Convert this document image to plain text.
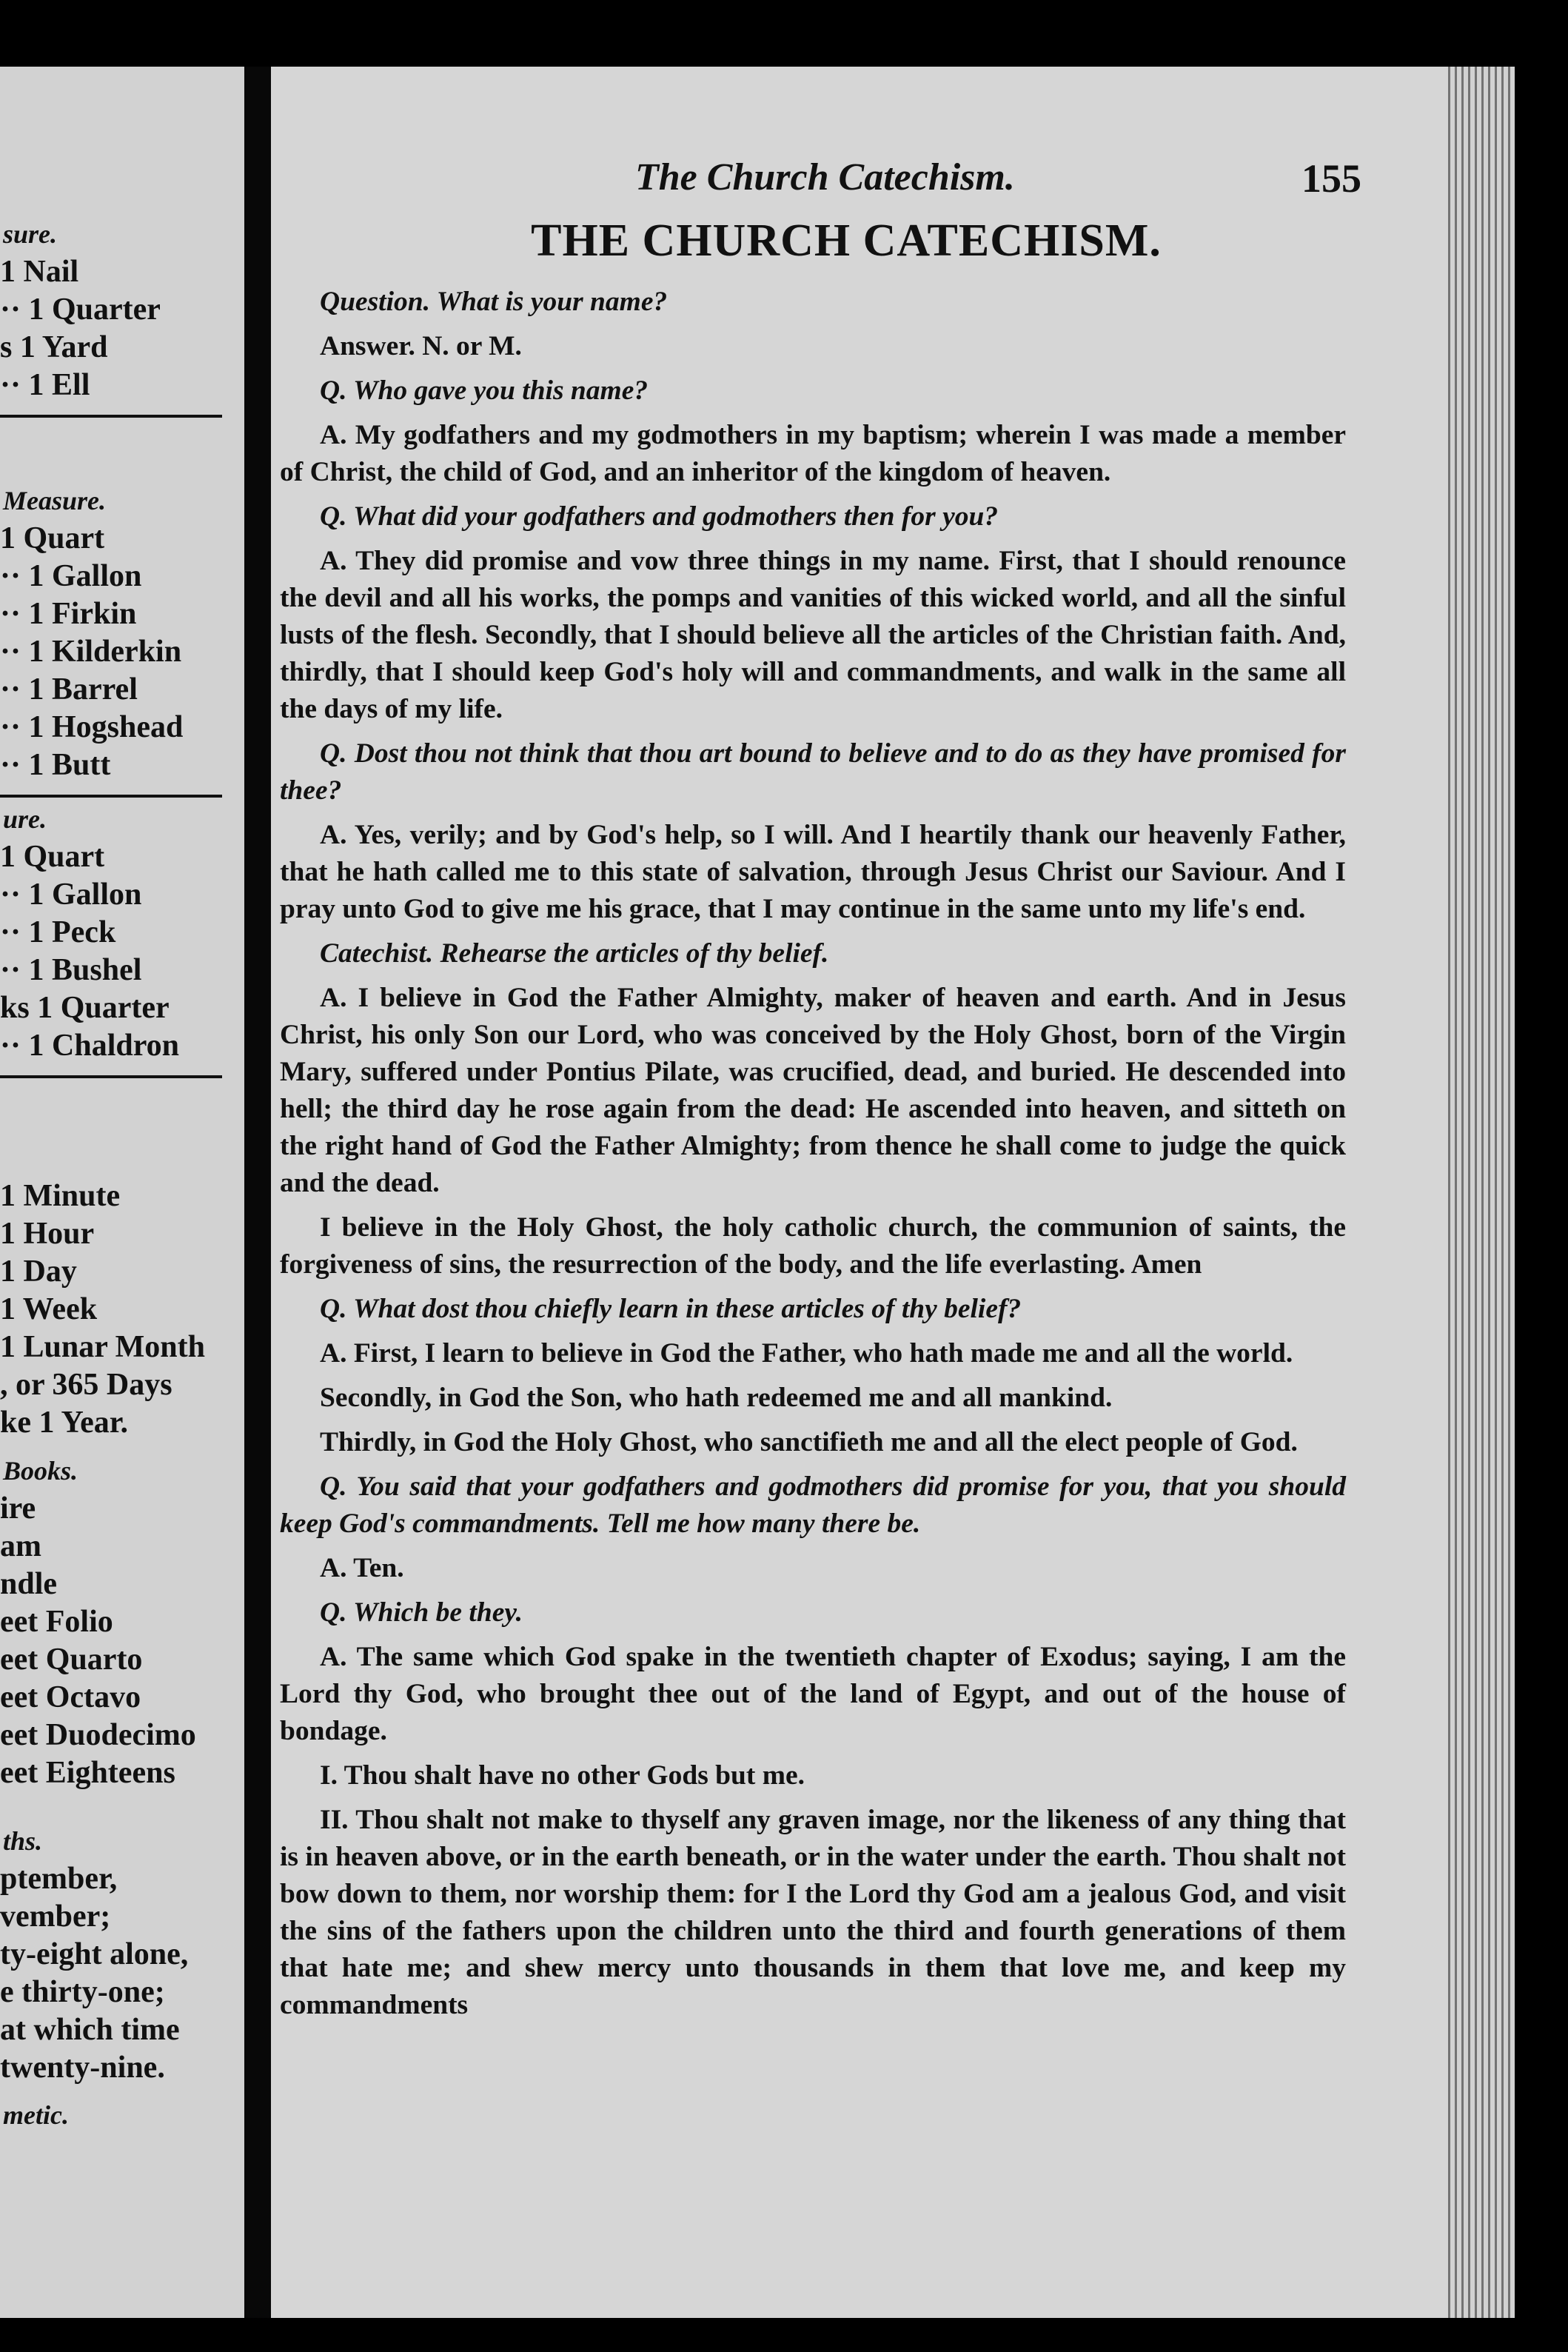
sure.
1 Nail
·· 1 Quarter
s 1 Yard
·· 1 Ell
Measure.
1 Quart
·· 1 Gallon
·· 1 Firkin
·· 1 Kilderkin
·· 1 Barrel
·· 1 Hogshead
·· 1 Butt
ure.
1 Quart
·· 1 Gallon
·· 1 Peck
·· 1 Bushel
ks 1 Quarter
·· 1 Chaldron
1 Minute
1 Hour
1 Day
1 Week
1 Lunar Month
, or 365 Days
ke 1 Year.
Books.
ire
am
ndle
eet Folio
eet Quarto
eet Octavo
eet Duodecimo
eet Eighteens
ths.
ptember,
vember;
ty-eight alone,
e thirty-one;
at which time
twenty-nine.
metic.
The Church Catechism.	155
THE CHURCH CATECHISM.

Question. What is your name?

Answer. N. or M.

Q. Who gave you this name?

A. My godfathers and my godmothers in my baptism; wherein I was made a member of Christ, the child of God, and an inheritor of the kingdom of heaven.

Q. What did your godfathers and godmothers then for you?

A. They did promise and vow three things in my name. First, that I should renounce the devil and all his works, the pomps and vanities of this wicked world, and all the sinful lusts of the flesh. Secondly, that I should believe all the articles of the Christian faith. And, thirdly, that I should keep God's holy will and commandments, and walk in the same all the days of my life.

Q. Dost thou not think that thou art bound to believe and to do as they have promised for thee?

A. Yes, verily; and by God's help, so I will. And I heartily thank our heavenly Father, that he hath called me to this state of salvation, through Jesus Christ our Saviour. And I pray unto God to give me his grace, that I may continue in the same unto my life's end.

Catechist. Rehearse the articles of thy belief.

A. I believe in God the Father Almighty, maker of heaven and earth. And in Jesus Christ, his only Son our Lord, who was conceived by the Holy Ghost, born of the Virgin Mary, suffered under Pontius Pilate, was crucified, dead, and buried. He descended into hell; the third day he rose again from the dead: He ascended into heaven, and sitteth on the right hand of God the Father Almighty; from thence he shall come to judge the quick and the dead.

I believe in the Holy Ghost, the holy catholic church, the communion of saints, the forgiveness of sins, the resurrection of the body, and the life everlasting. Amen

Q. What dost thou chiefly learn in these articles of thy belief?

A. First, I learn to believe in God the Father, who hath made me and all the world.

Secondly, in God the Son, who hath redeemed me and all mankind.

Thirdly, in God the Holy Ghost, who sanctifieth me and all the elect people of God.

Q. You said that your godfathers and godmothers did promise for you, that you should keep God's commandments. Tell me how many there be.

A. Ten.

Q. Which be they.

A. The same which God spake in the twentieth chapter of Exodus; saying, I am the Lord thy God, who brought thee out of the land of Egypt, and out of the house of bondage.

I. Thou shalt have no other Gods but me.

II. Thou shalt not make to thyself any graven image, nor the likeness of any thing that is in heaven above, or in the earth beneath, or in the water under the earth. Thou shalt not bow down to them, nor worship them: for I the Lord thy God am a jealous God, and visit the sins of the fathers upon the children unto the third and fourth generations of them that hate me; and shew mercy unto thousands in them that love me, and keep my commandments
